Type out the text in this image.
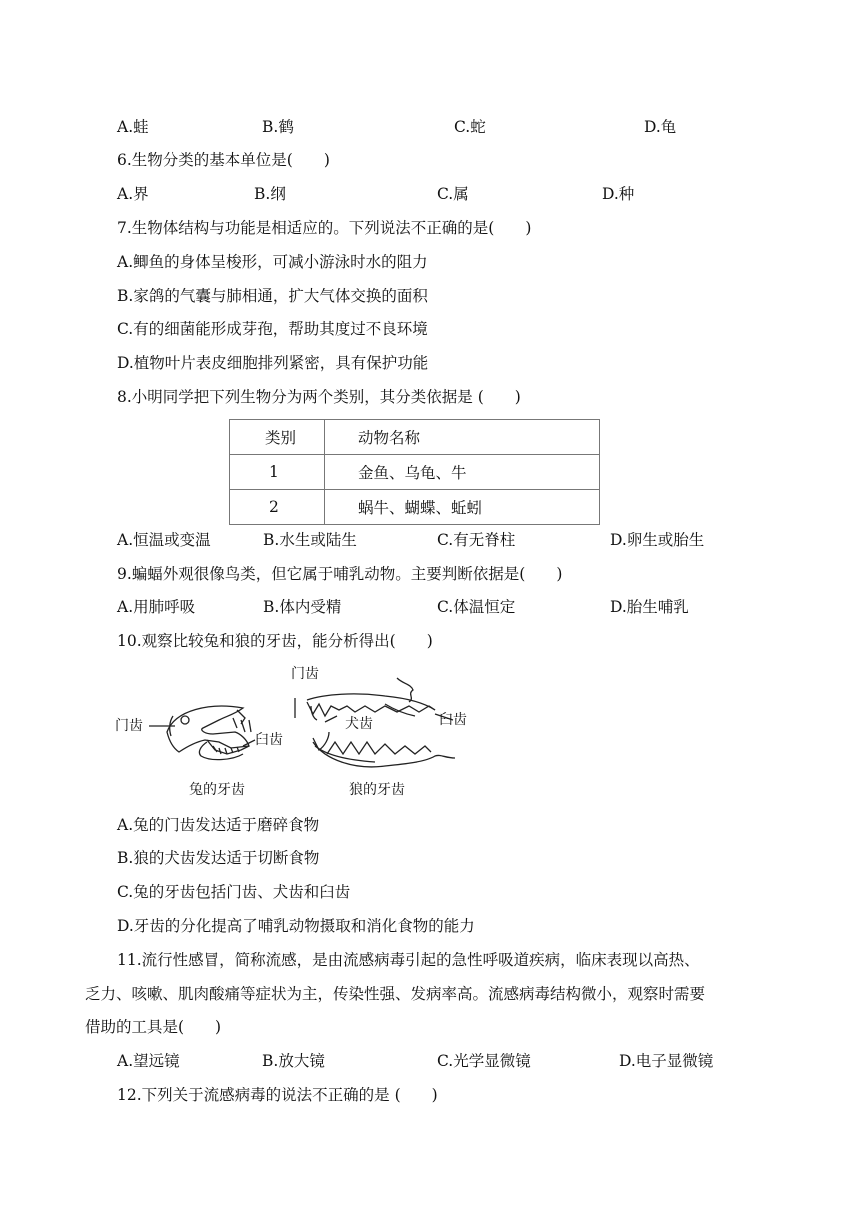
A.蛙	B.鹤	C.蛇	D.龟
6.生物分类的基本单位是(　　)
A.界	B.纲	C.属	D.种
7.生物体结构与功能是相适应的。下列说法不正确的是(　　)
A.鲫鱼的身体呈梭形，可减小游泳时水的阻力
B.家鸽的气囊与肺相通，扩大气体交换的面积
C.有的细菌能形成芽孢，帮助其度过不良环境
D.植物叶片表皮细胞排列紧密，具有保护功能
8.小明同学把下列生物分为两个类别，其分类依据是 (　　)
类别	动物名称
1	金鱼、乌龟、牛
2	蜗牛、蝴蝶、蚯蚓
A.恒温或变温	B.水生或陆生	C.有无脊柱	D.卵生或胎生
9.蝙蝠外观很像鸟类，但它属于哺乳动物。主要判断依据是(　　)
A.用肺呼吸	B.体内受精	C.体温恒定	D.胎生哺乳
10.观察比较兔和狼的牙齿，能分析得出(　　)
门齿
臼齿
兔的牙齿
门齿
犬齿	臼齿
狼的牙齿
A.兔的门齿发达适于磨碎食物
B.狼的犬齿发达适于切断食物
C.兔的牙齿包括门齿、犬齿和臼齿
D.牙齿的分化提高了哺乳动物摄取和消化食物的能力
11.流行性感冒，简称流感，是由流感病毒引起的急性呼吸道疾病，临床表现以高热、
乏力、咳嗽、肌肉酸痛等症状为主，传染性强、发病率高。流感病毒结构微小，观察时需要
借助的工具是(　　)
A.望远镜	B.放大镜	C.光学显微镜	D.电子显微镜
12.下列关于流感病毒的说法不正确的是 (　　)
